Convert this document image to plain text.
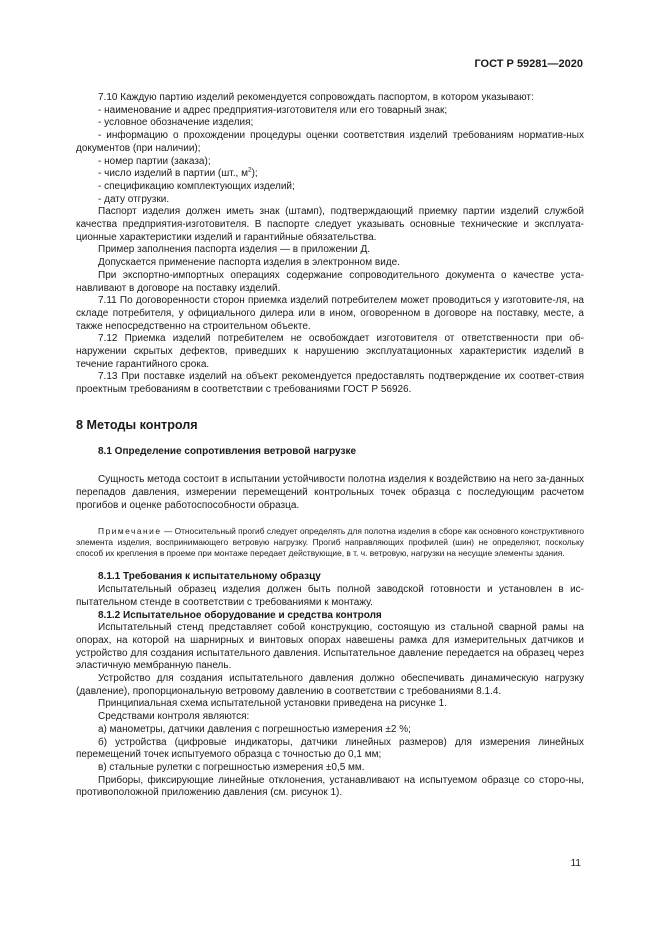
ГОСТ Р 59281—2020

7.10 Каждую партию изделий рекомендуется сопровождать паспортом, в котором указывают:

- наименование и адрес предприятия-изготовителя или его товарный знак;

- условное обозначение изделия;

- информацию о прохождении процедуры оценки соответствия изделий требованиям норматив-ных документов (при наличии);

- номер партии (заказа);

- число изделий в партии (шт., $м^2$);

- спецификацию комплектующих изделий;

- дату отгрузки.

Паспорт изделия должен иметь знак (штамп), подтверждающий приемку партии изделий службой качества предприятия-изготовителя. В паспорте следует указывать основные технические и эксплуата-ционные характеристики изделий и гарантийные обязательства.

Пример заполнения паспорта изделия — в приложении Д.

Допускается применение паспорта изделия в электронном виде.

При экспортно-импортных операциях содержание сопроводительного документа о качестве уста-навливают в договоре на поставку изделий.

7.11 По договоренности сторон приемка изделий потребителем может проводиться у изготовите-ля, на складе потребителя, у официального дилера или в ином, оговоренном в договоре на поставку, месте, а также непосредственно на строительном объекте.

7.12 Приемка изделий потребителем не освобождает изготовителя от ответственности при об-наружении скрытых дефектов, приведших к нарушению эксплуатационных характеристик изделий в течение гарантийного срока.

7.13 При поставке изделий на объект рекомендуется предоставлять подтверждение их соответ-ствия проектным требованиям в соответствии с требованиями ГОСТ Р 56926.

8 Методы контроля
8.1 Определение сопротивления ветровой нагрузке

Сущность метода состоит в испытании устойчивости полотна изделия к воздействию на него за-данных перепадов давления, измерении перемещений контрольных точек образца с последующим расчетом прогибов и оценке работоспособности образца.

Примечание — Относительный прогиб следует определять для полотна изделия в сборе как основного конструктивного элемента изделия, воспринимающего ветровую нагрузку. Прогиб направляющих профилей (шин) не определяют, поскольку способ их крепления в проеме при монтаже передает действующие, в т. ч. ветровую, нагрузки на несущие элементы здания.

8.1.1 Требования к испытательному образцу

Испытательный образец изделия должен быть полной заводской готовности и установлен в ис-пытательном стенде в соответствии с требованиями к монтажу.

8.1.2 Испытательное оборудование и средства контроля

Испытательный стенд представляет собой конструкцию, состоящую из стальной сварной рамы на опорах, на которой на шарнирных и винтовых опорах навешены рамка для измерительных датчиков и устройство для создания испытательного давления. Испытательное давление передается на образец через эластичную мембранную панель.

Устройство для создания испытательного давления должно обеспечивать динамическую нагрузку (давление), пропорциональную ветровому давлению в соответствии с требованиями 8.1.4.

Принципиальная схема испытательной установки приведена на рисунке 1.

Средствами контроля являются:

а) манометры, датчики давления с погрешностью измерения ±2 %;

б) устройства (цифровые индикаторы, датчики линейных размеров) для измерения линейных перемещений точек испытуемого образца с точностью до 0,1 мм;

в) стальные рулетки с погрешностью измерения ±0,5 мм.

Приборы, фиксирующие линейные отклонения, устанавливают на испытуемом образце со сторо-ны, противоположной приложению давления (см. рисунок 1).

11
